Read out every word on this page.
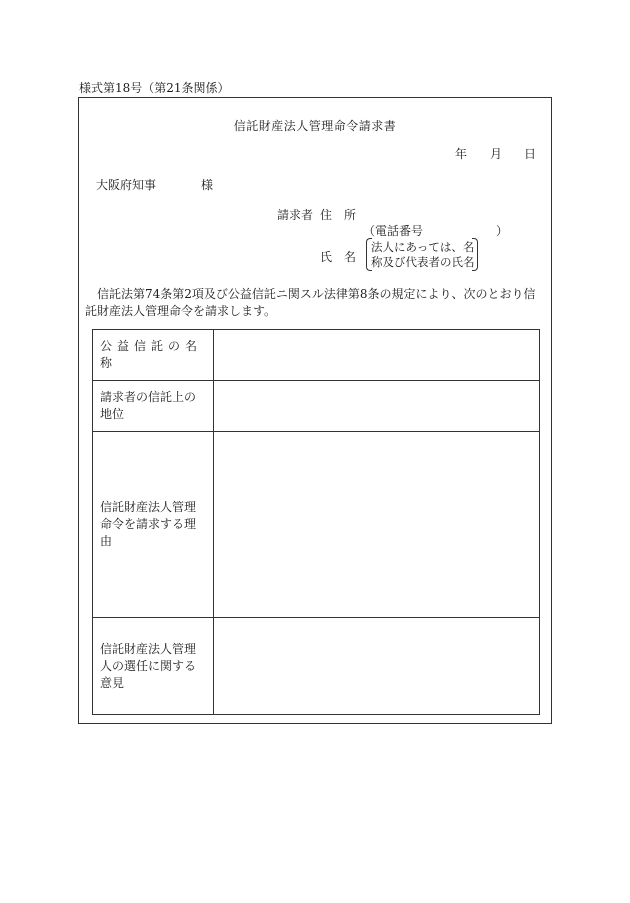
様式第18号（第21条関係）
信託財産法人管理命令請求書
年 月 日
大阪府知事	様
請求者 住　所
（電話番号	）
氏　名
法人にあっては、名
称及び代表者の氏名
信託法第74条第2項及び公益信託ニ関スル法律第8条の規定により、次のとおり信託財産法人管理命令を請求します。
公益信託の名称	
請求者の信託上の地位	
信託財産法人管理命令を請求する理由	
信託財産法人管理人の選任に関する意見	
